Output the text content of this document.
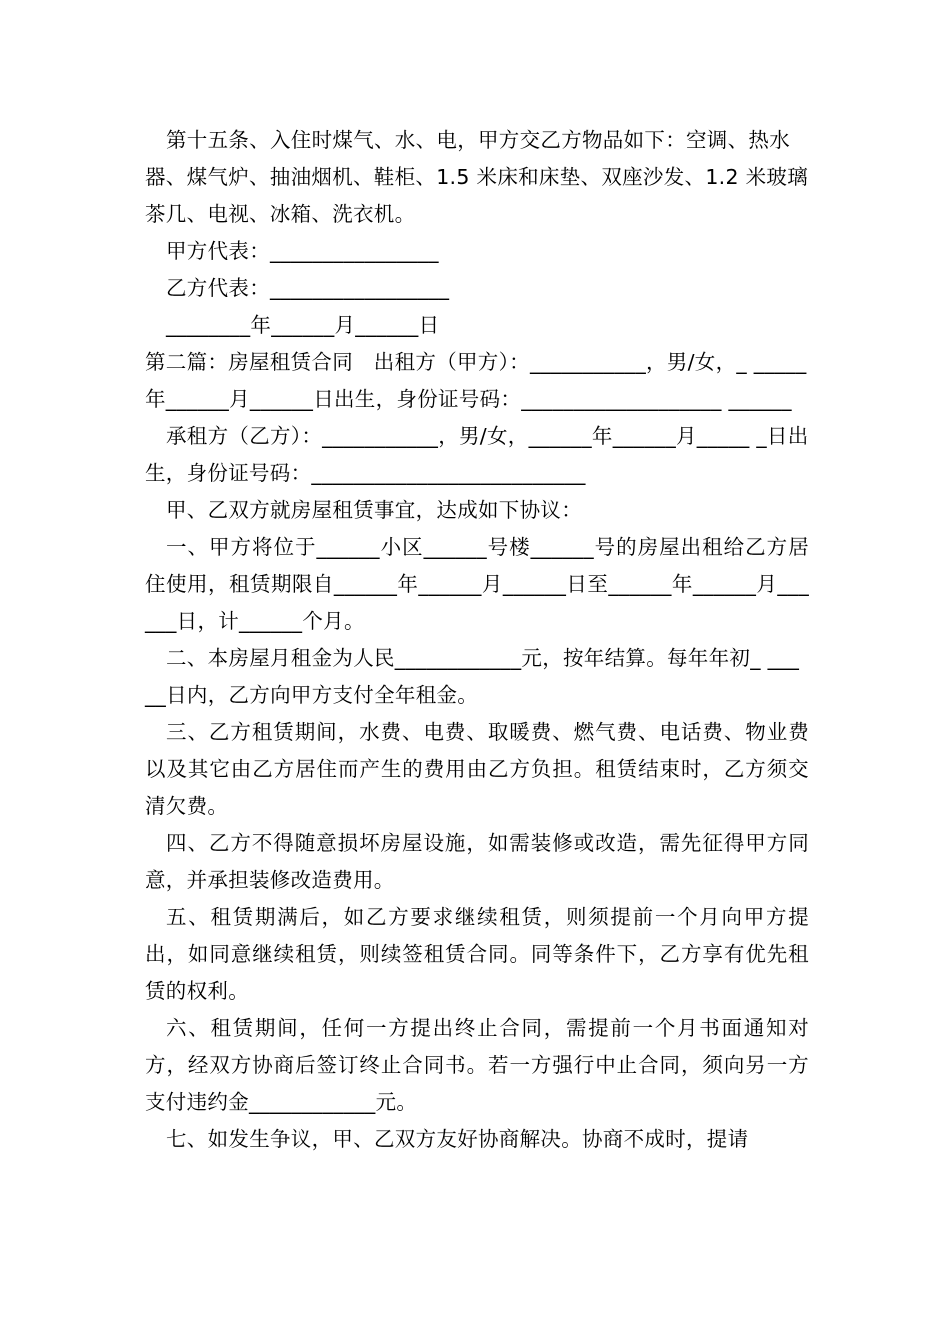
第十五条、入住时煤气、水、电，甲方交乙方物品如下：空调、热水器、煤气炉、抽油烟机、鞋柜、1.5 米床和床垫、双座沙发、1.2 米玻璃茶几、电视、冰箱、洗衣机。

甲方代表：________________

乙方代表：_________________

________年______月______日

第二篇：房屋租赁合同　出租方（甲方）：___________，男/女，_ _____年______月______日出生，身份证号码：___________________ ______

承租方（乙方）：___________，男/女，______年______月_____ _日出生，身份证号码：__________________________

甲、乙双方就房屋租赁事宜，达成如下协议：

一、甲方将位于______小区______号楼______号的房屋出租给乙方居住使用，租赁期限自______年______月______日至______年______月______日，计______个月。

二、本房屋月租金为人民____________元，按年结算。每年年初_ _____日内，乙方向甲方支付全年租金。

三、乙方租赁期间，水费、电费、取暖费、燃气费、电话费、物业费以及其它由乙方居住而产生的费用由乙方负担。租赁结束时，乙方须交清欠费。

四、乙方不得随意损坏房屋设施，如需装修或改造，需先征得甲方同意，并承担装修改造费用。

五、租赁期满后，如乙方要求继续租赁，则须提前一个月向甲方提出，如同意继续租赁，则续签租赁合同。同等条件下，乙方享有优先租赁的权利。

六、租赁期间，任何一方提出终止合同，需提前一个月书面通知对方，经双方协商后签订终止合同书。若一方强行中止合同，须向另一方支付违约金____________元。

七、如发生争议，甲、乙双方友好协商解决。协商不成时，提请
